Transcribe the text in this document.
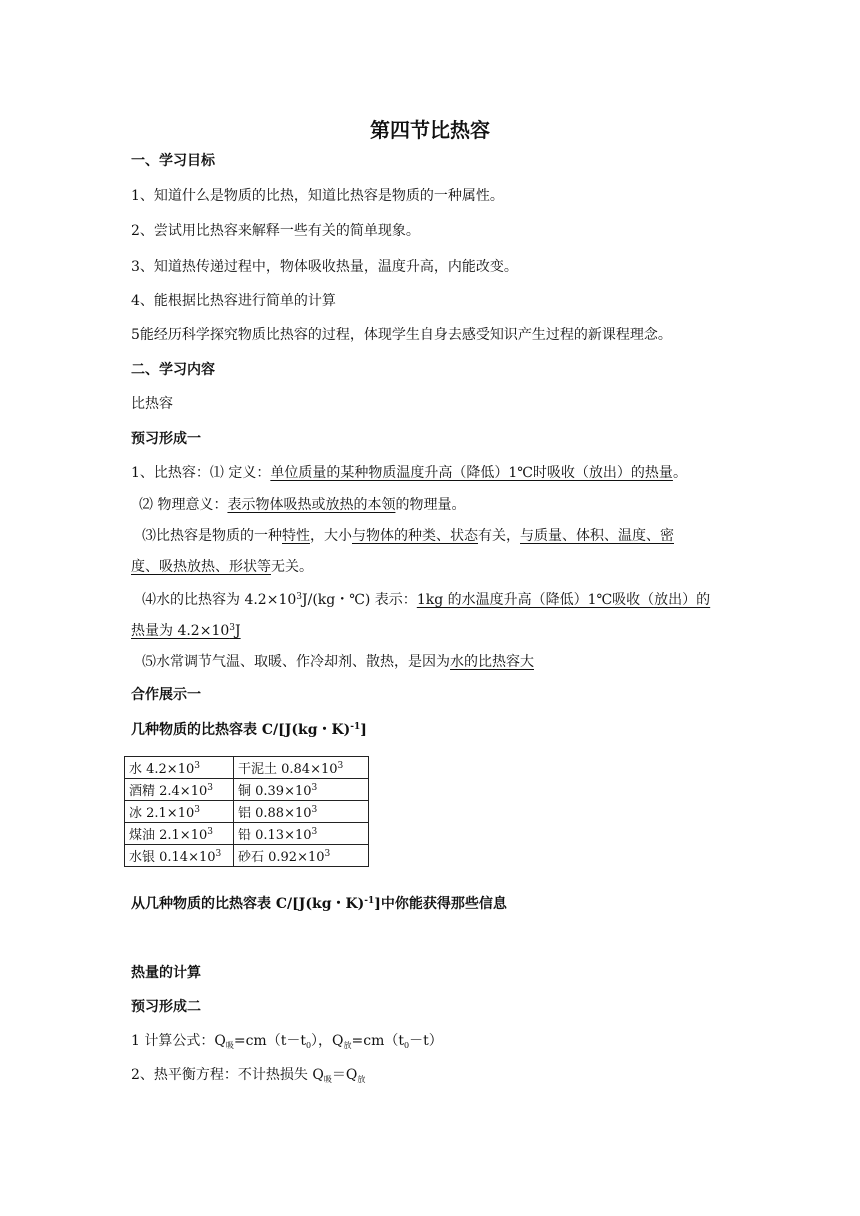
第四节比热容
一、学习目标
1、知道什么是物质的比热，知道比热容是物质的一种属性。
2、尝试用比热容来解释一些有关的简单现象。
3、知道热传递过程中，物体吸收热量，温度升高，内能改变。
4、能根据比热容进行简单的计算
5能经历科学探究物质比热容的过程，体现学生自身去感受知识产生过程的新课程理念。
二、学习内容
比热容
预习形成一
1、比热容：⑴ 定义：单位质量的某种物质温度升高（降低）1℃时吸收（放出）的热量。
⑵ 物理意义：表示物体吸热或放热的本领的物理量。
⑶比热容是物质的一种特性，大小与物体的种类、状态有关，与质量、体积、温度、密
度、吸热放热、形状等无关。
⑷水的比热容为 $4.2\times 10^3J/(kg$・℃) 表示：1kg 的水温度升高（降低）1℃吸收（放出）的
热量为 $4.2\times 10^3J$
⑸水常调节气温、取暖、作冷却剂、散热，是因为水的比热容大
合作展示一
几种物质的比热容表 C/[J(kg・K)$^{-1}$]
水 $4.2\times 10^3$	干泥土 $0.84\times 10^3$
酒精 $2.4\times 10^3$	铜 $0.39\times 10^3$
冰 $2.1\times 10^3$	铝 $0.88\times 10^3$
煤油 $2.1\times 10^3$	铅 $0.13\times 10^3$
水银 $0.14\times 10^3$	砂石 $0.92\times 10^3$
从几种物质的比热容表 C/[J(kg・K)$^{-1}$]中你能获得那些信息
热量的计算
预习形成二
1 计算公式：$Q_吸=cm(t-t_0)$，$Q_放=cm(t_0-t)$
2、热平衡方程：不计热损失 $Q_吸=Q_放$
